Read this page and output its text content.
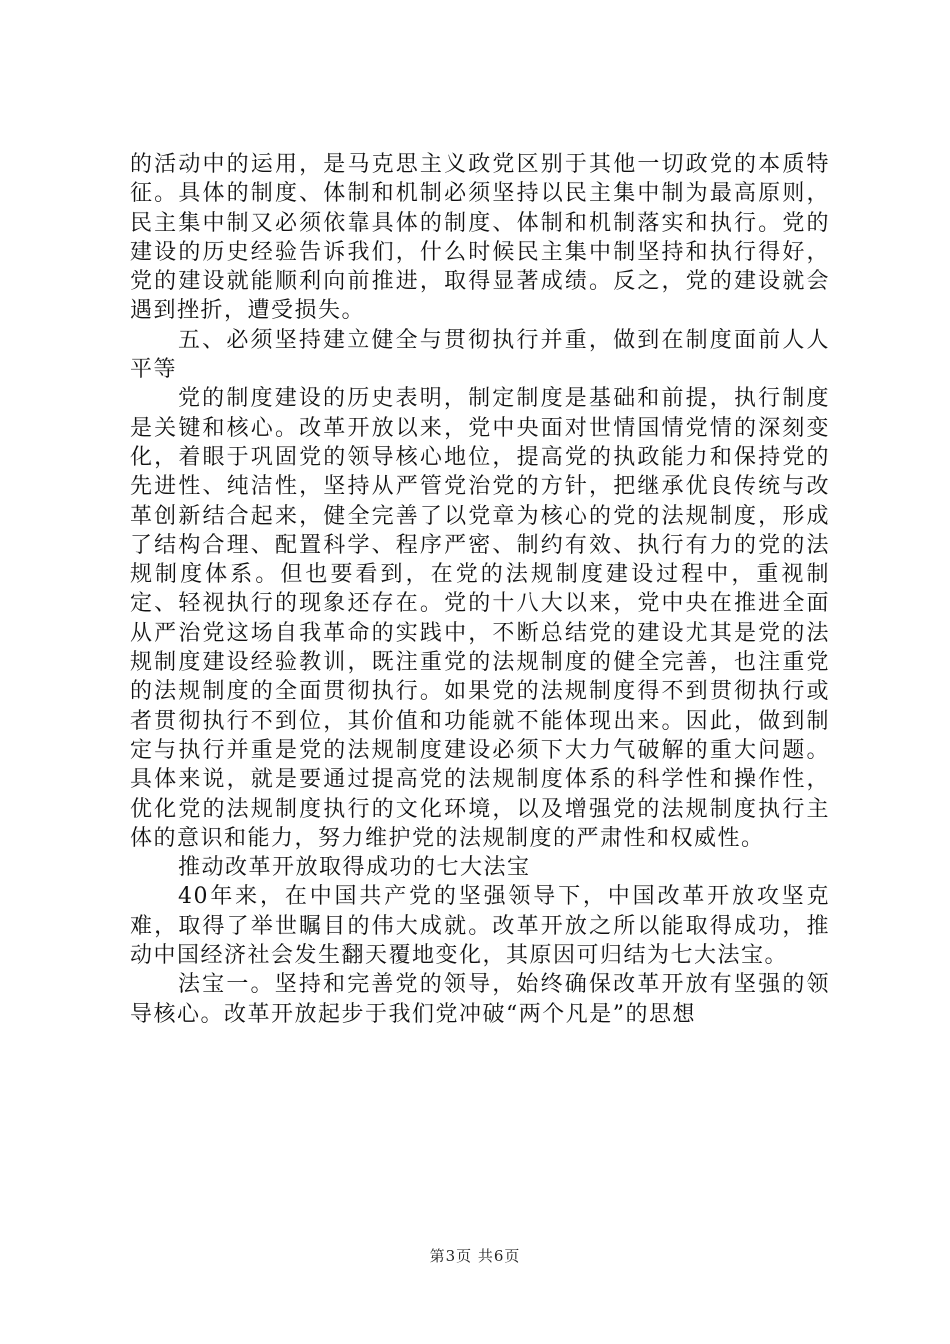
的活动中的运用，是马克思主义政党区别于其他一切政党的本质特征。具体的制度、体制和机制必须坚持以民主集中制为最高原则，民主集中制又必须依靠具体的制度、体制和机制落实和执行。党的建设的历史经验告诉我们，什么时候民主集中制坚持和执行得好，党的建设就能顺利向前推进，取得显著成绩。反之，党的建设就会遇到挫折，遭受损失。

五、必须坚持建立健全与贯彻执行并重，做到在制度面前人人平等

党的制度建设的历史表明，制定制度是基础和前提，执行制度是关键和核心。改革开放以来，党中央面对世情国情党情的深刻变化，着眼于巩固党的领导核心地位，提高党的执政能力和保持党的先进性、纯洁性，坚持从严管党治党的方针，把继承优良传统与改革创新结合起来，健全完善了以党章为核心的党的法规制度，形成了结构合理、配置科学、程序严密、制约有效、执行有力的党的法规制度体系。但也要看到，在党的法规制度建设过程中，重视制定、轻视执行的现象还存在。党的十八大以来，党中央在推进全面从严治党这场自我革命的实践中，不断总结党的建设尤其是党的法规制度建设经验教训，既注重党的法规制度的健全完善，也注重党的法规制度的全面贯彻执行。如果党的法规制度得不到贯彻执行或者贯彻执行不到位，其价值和功能就不能体现出来。因此，做到制定与执行并重是党的法规制度建设必须下大力气破解的重大问题。具体来说，就是要通过提高党的法规制度体系的科学性和操作性，优化党的法规制度执行的文化环境，以及增强党的法规制度执行主体的意识和能力，努力维护党的法规制度的严肃性和权威性。

推动改革开放取得成功的七大法宝

40年来，在中国共产党的坚强领导下，中国改革开放攻坚克难，取得了举世瞩目的伟大成就。改革开放之所以能取得成功，推动中国经济社会发生翻天覆地变化，其原因可归结为七大法宝。

法宝一。坚持和完善党的领导，始终确保改革开放有坚强的领导核心。改革开放起步于我们党冲破“两个凡是”的思想

第3页 共6页
